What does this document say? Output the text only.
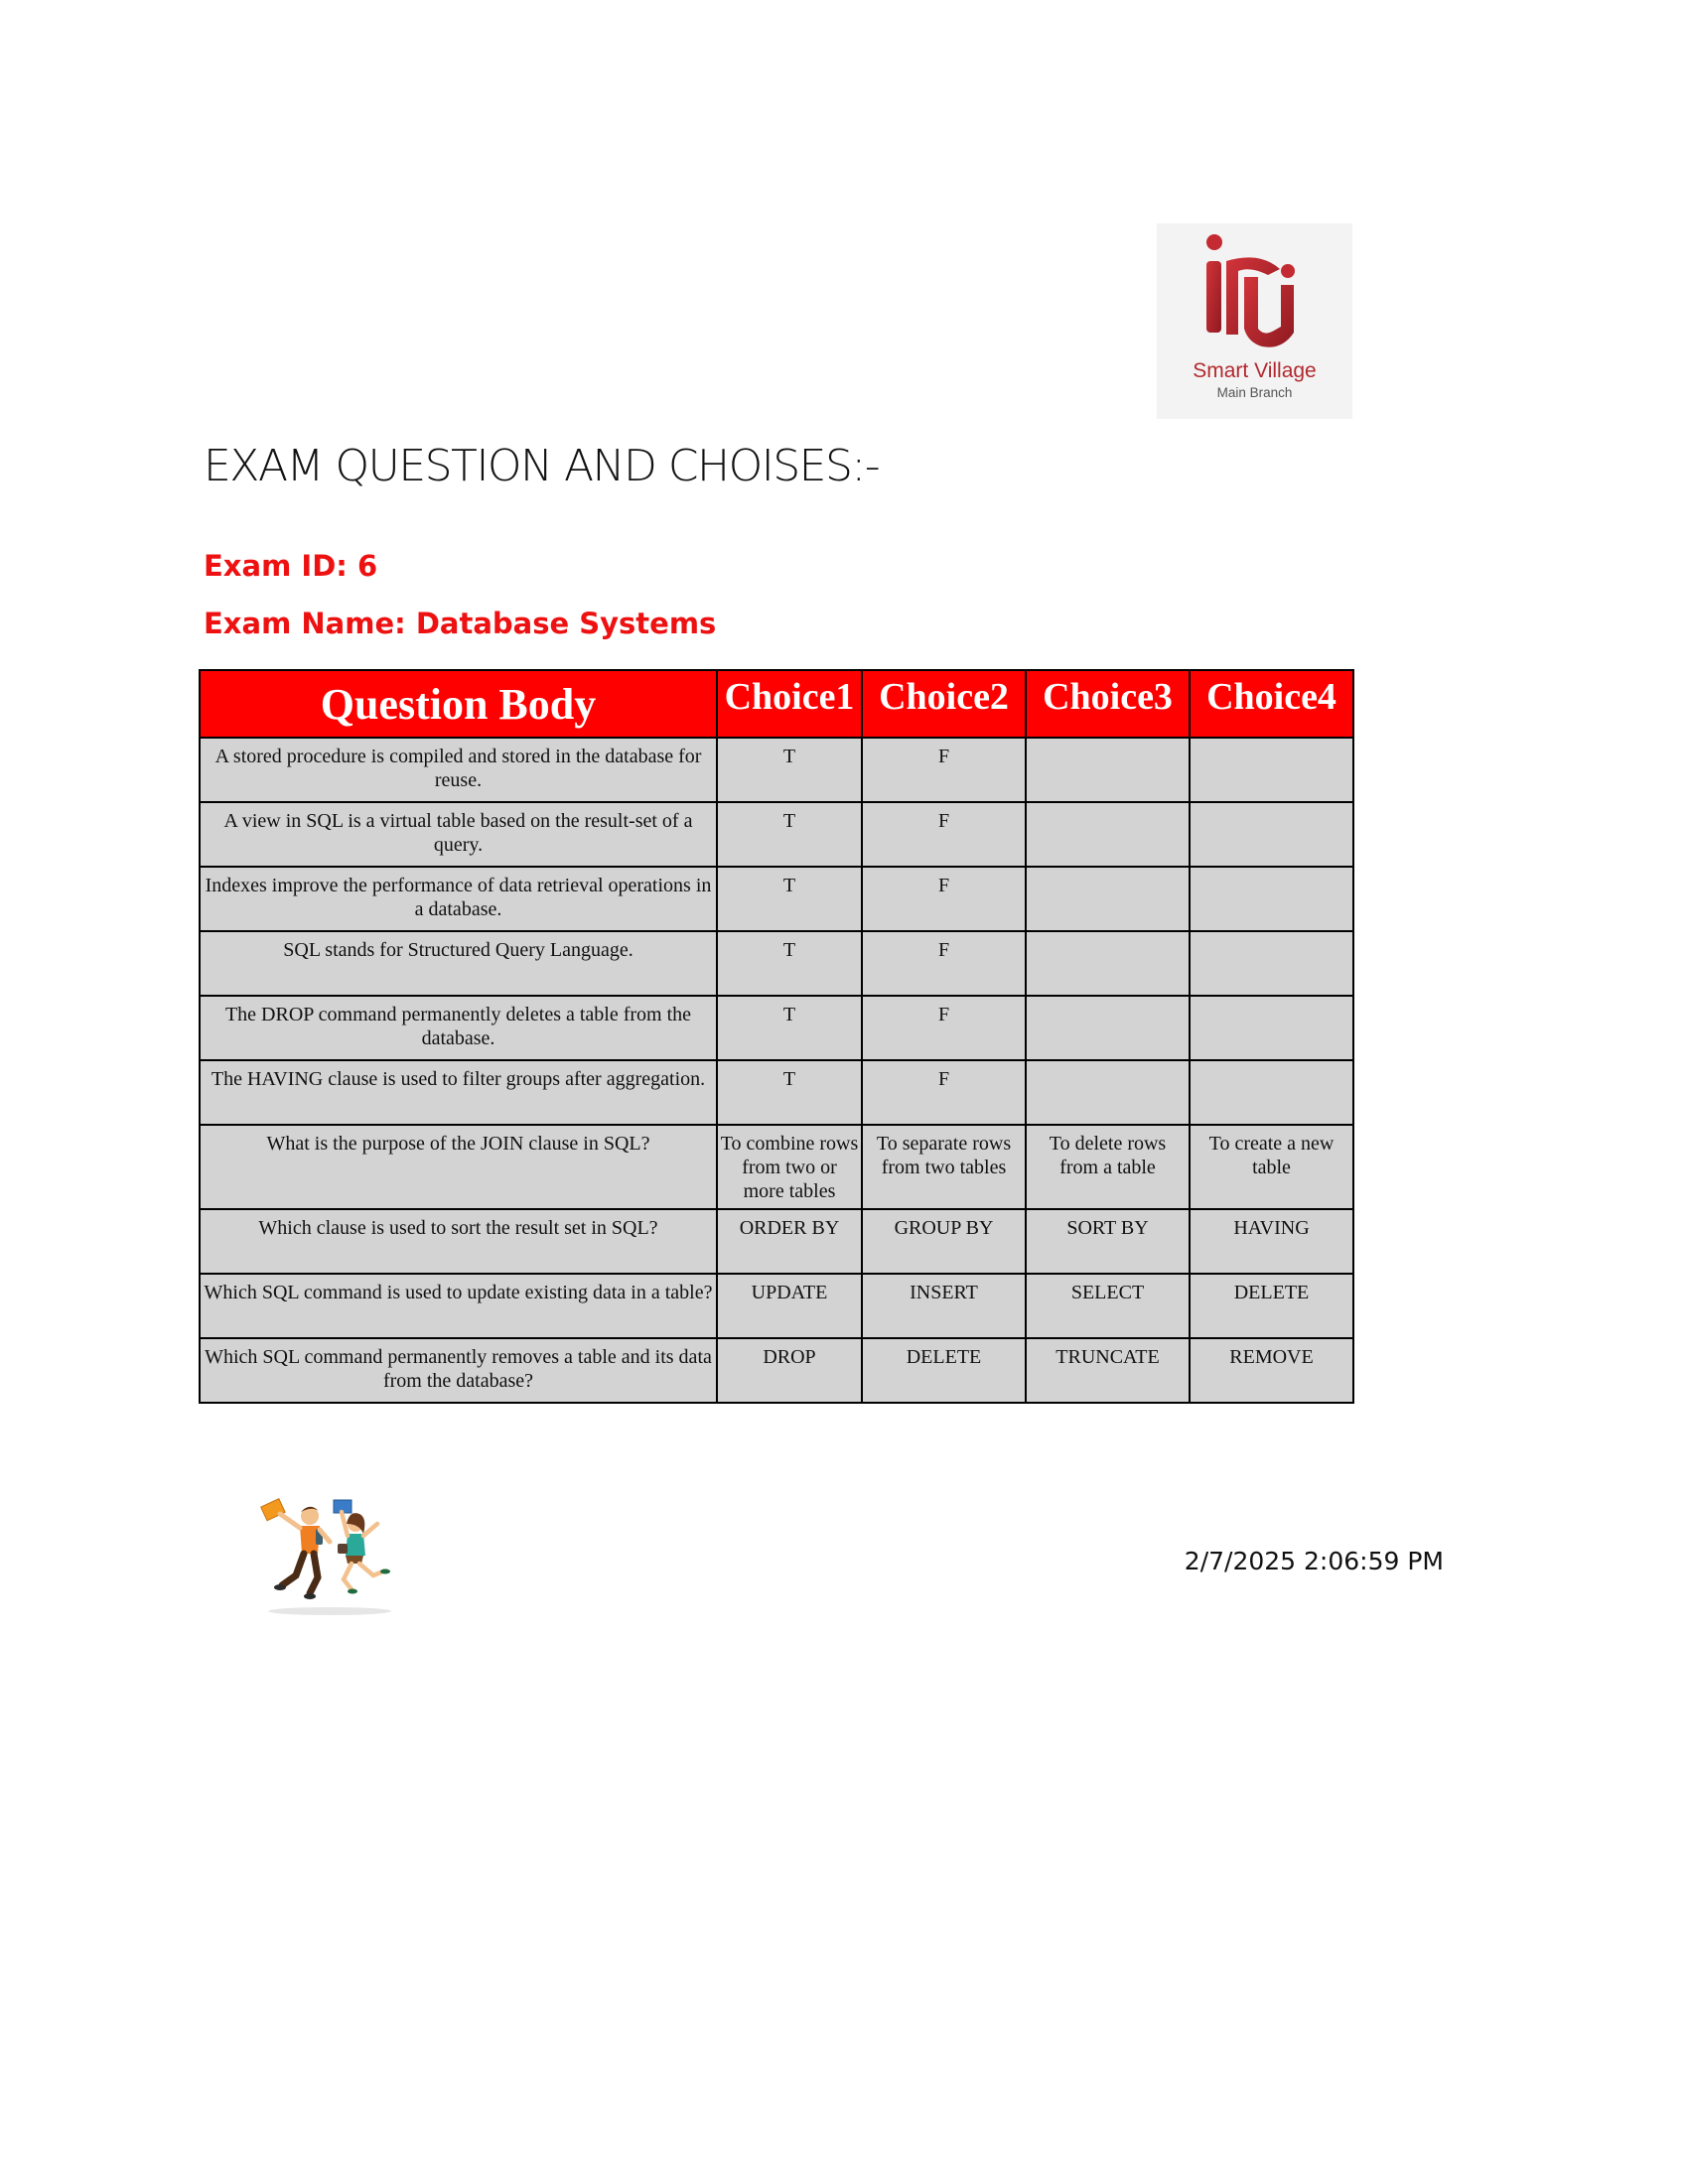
Smart Village
Main Branch
EXAM QUESTION AND CHOISES:-
Exam ID: 6
Exam Name: Database Systems
Question Body	Choice1	Choice2	Choice3	Choice4
A stored procedure is compiled and stored in the database for reuse.	T	F		
A view in SQL is a virtual table based on the result-set of a query.	T	F		
Indexes improve the performance of data retrieval operations in a database.	T	F		
SQL stands for Structured Query Language.	T	F		
The DROP command permanently deletes a table from the database.	T	F		
The HAVING clause is used to filter groups after aggregation.	T	F		
What is the purpose of the JOIN clause in SQL?	To combine rows from two or more tables	To separate rows from two tables	To delete rows from a table	To create a new table
Which clause is used to sort the result set in SQL?	ORDER BY	GROUP BY	SORT BY	HAVING
Which SQL command is used to update existing data in a table?	UPDATE	INSERT	SELECT	DELETE
Which SQL command permanently removes a table and its data from the database?	DROP	DELETE	TRUNCATE	REMOVE
2/7/2025 2:06:59 PM
